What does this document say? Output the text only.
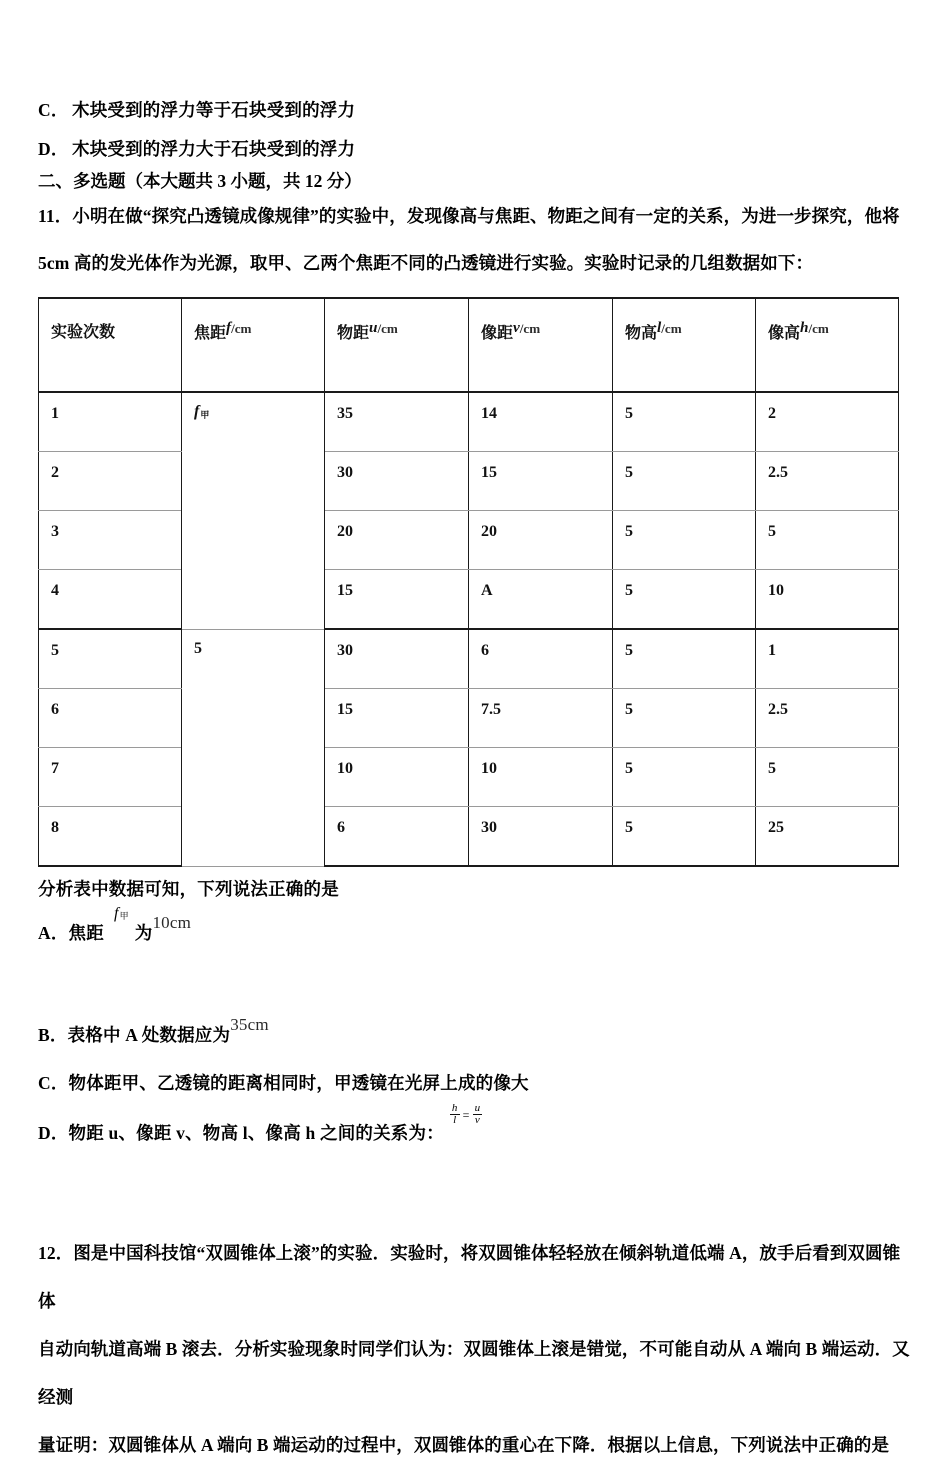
C． 木块受到的浮力等于石块受到的浮力
D． 木块受到的浮力大于石块受到的浮力
二、多选题（本大题共 3 小题，共 12 分）
11．小明在做“探究凸透镜成像规律”的实验中，发现像高与焦距、物距之间有一定的关系，为进一步探究，他将
5cm 高的发光体作为光源，取甲、乙两个焦距不同的凸透镜进行实验。实验时记录的几组数据如下：
实验次数	焦距$f^{/cm}$	物距$u^{/cm}$	像距$v^{/cm}$	物高$l^{/cm}$	像高$h^{/cm}$
1	$f_甲$	35	14	5	2
2		30	15	5	2.5
3		20	20	5	5
4		15	A	5	10
5	5	30	6	5	1
6		15	7.5	5	2.5
7		10	10	5	5
8		6	30	5	25
分析表中数据可知，下列说法正确的是
A．焦距$f_甲$为10cm
B．表格中 A 处数据应为35cm
C．物体距甲、乙透镜的距离相同时，甲透镜在光屏上成的像大
D．物距 u、像距 v、物高 l、像高 h 之间的关系为：
$\frac{h}{l} = \frac{u}{v}$
12．图是中国科技馆“双圆锥体上滚”的实验．实验时，将双圆锥体轻轻放在倾斜轨道低端 A，放手后看到双圆锥体
自动向轨道高端 B 滚去．分析实验现象时同学们认为：双圆锥体上滚是错觉，不可能自动从 A 端向 B 端运动．又经测
量证明：双圆锥体从 A 端向 B 端运动的过程中，双圆锥体的重心在下降．根据以上信息，下列说法中正确的是
